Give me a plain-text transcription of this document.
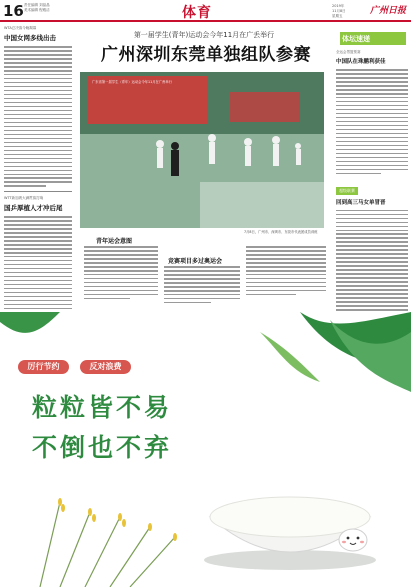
16 责任编辑 刘晶晶
美术编辑 程雅洁	体育	2019年
11月8日
星期五	广州日报
WTA总决赛今晚揭幕
中国女网多线出击
WTT新加坡大满贯赛打响
国乒厚植人才冲后尾
第一届学生(青年)运动会今年11月在广丢举行
广州深圳东莞单独组队参赛
广东省第一届学生（青年）运动会今年11月在广州举行
7月8日，广州市、深圳市、东莞市代表团成员训练
青年运会意图
竞赛项目多过奥运会
体坛速递
全运会男篮预赛
中国队在珠鹏利获佳
超级联赛
回到高三马女单冒晋
厉行节约	反对浪费
粒粒皆不易
不倒也不弃
